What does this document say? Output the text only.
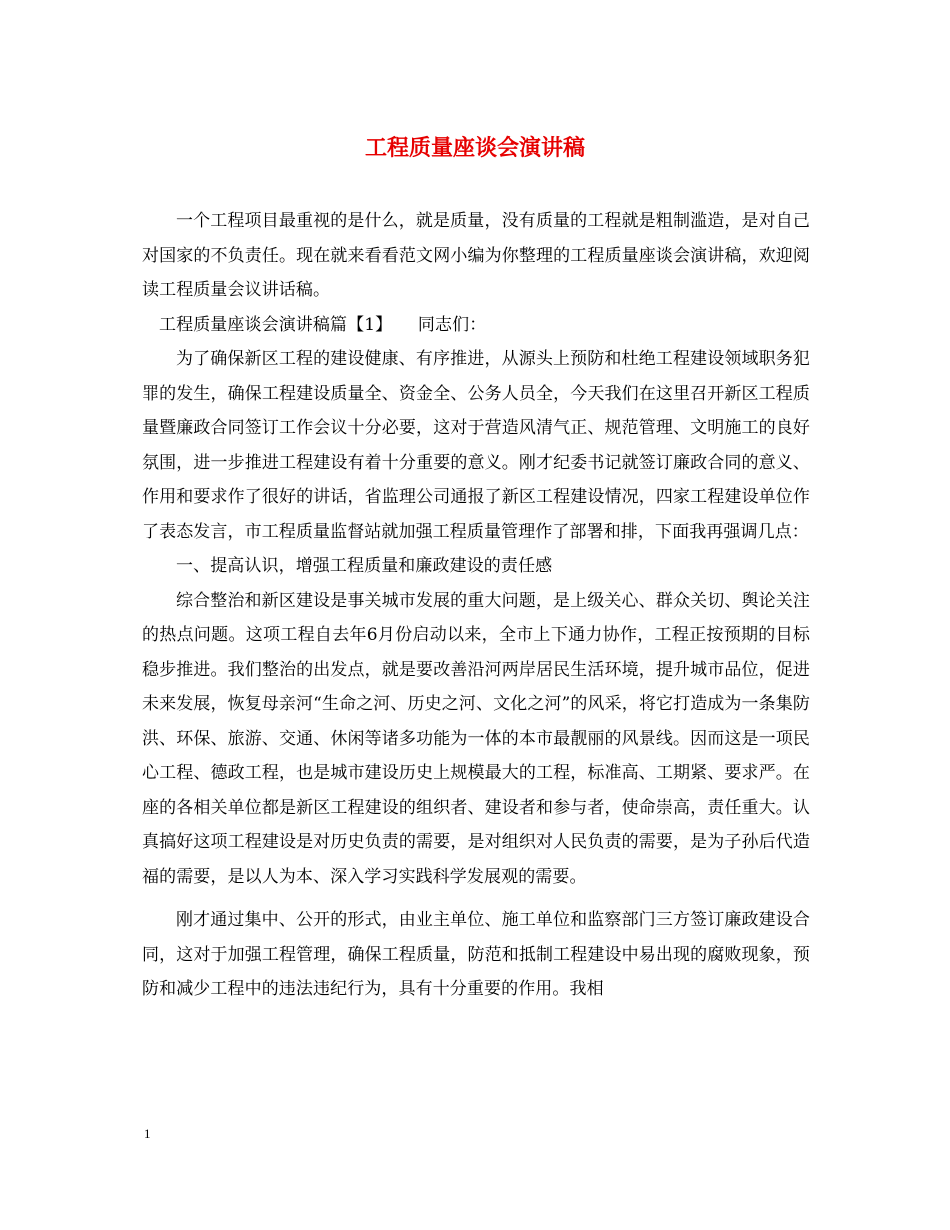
工程质量座谈会演讲稿

一个工程项目最重视的是什么，就是质量，没有质量的工程就是粗制滥造，是对自己对国家的不负责任。现在就来看看范文网小编为你整理的工程质量座谈会演讲稿，欢迎阅读工程质量会议讲话稿。

工程质量座谈会演讲稿篇【1】　　同志们：

为了确保新区工程的建设健康、有序推进，从源头上预防和杜绝工程建设领域职务犯罪的发生，确保工程建设质量全、资金全、公务人员全，今天我们在这里召开新区工程质量暨廉政合同签订工作会议十分必要，这对于营造风清气正、规范管理、文明施工的良好氛围，进一步推进工程建设有着十分重要的意义。刚才纪委书记就签订廉政合同的意义、作用和要求作了很好的讲话，省监理公司通报了新区工程建设情况，四家工程建设单位作了表态发言，市工程质量监督站就加强工程质量管理作了部署和排，下面我再强调几点：

一、提高认识，增强工程质量和廉政建设的责任感

综合整治和新区建设是事关城市发展的重大问题，是上级关心、群众关切、舆论关注的热点问题。这项工程自去年6月份启动以来，全市上下通力协作，工程正按预期的目标稳步推进。我们整治的出发点，就是要改善沿河两岸居民生活环境，提升城市品位，促进未来发展，恢复母亲河“生命之河、历史之河、文化之河”的风采，将它打造成为一条集防洪、环保、旅游、交通、休闲等诸多功能为一体的本市最靓丽的风景线。因而这是一项民心工程、德政工程，也是城市建设历史上规模最大的工程，标准高、工期紧、要求严。在座的各相关单位都是新区工程建设的组织者、建设者和参与者，使命崇高，责任重大。认真搞好这项工程建设是对历史负责的需要，是对组织对人民负责的需要，是为子孙后代造福的需要，是以人为本、深入学习实践科学发展观的需要。

刚才通过集中、公开的形式，由业主单位、施工单位和监察部门三方签订廉政建设合同，这对于加强工程管理，确保工程质量，防范和抵制工程建设中易出现的腐败现象，预防和减少工程中的违法违纪行为，具有十分重要的作用。我相

1
